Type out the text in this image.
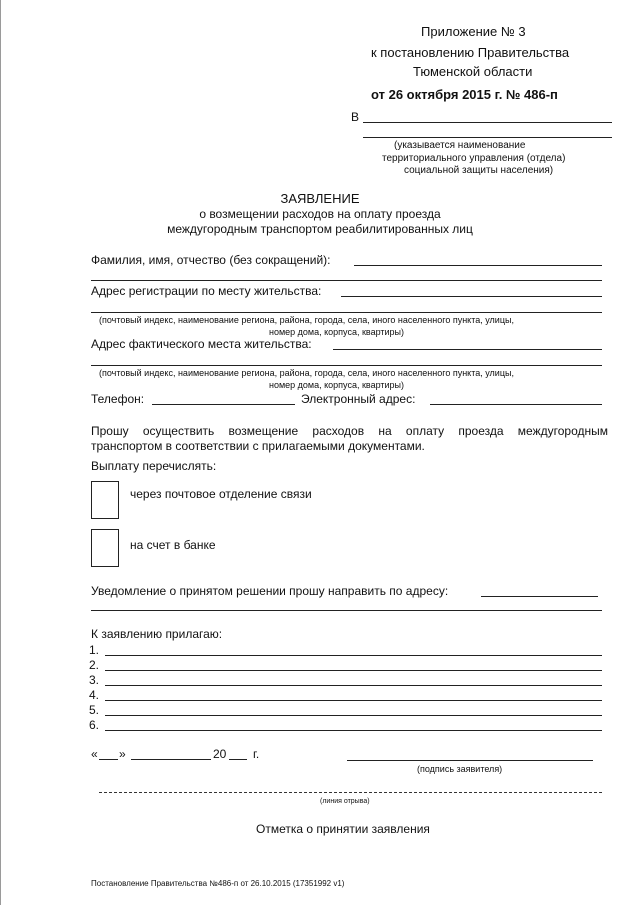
Приложение № 3
к постановлению Правительства
Тюменской области
от 26 октября 2015 г. № 486-п
В
(указывается наименование
территориального управления (отдела)
социальной защиты населения)
ЗАЯВЛЕНИЕ
о возмещении расходов на оплату проезда
междугородным транспортом реабилитированных лиц
Фамилия, имя, отчество (без сокращений):
Адрес регистрации по месту жительства:
(почтовый индекс, наименование региона, района, города, села, иного населенного пункта, улицы,
номер дома, корпуса, квартиры)
Адрес фактического места жительства:
(почтовый индекс, наименование региона, района, города, села, иного населенного пункта, улицы,
номер дома, корпуса, квартиры)
Телефон:	Электронный адрес:
Прошу осуществить возмещение расходов на оплату проезда междугородным
транспортом в соответствии с прилагаемыми документами.
Выплату перечислять:
через почтовое отделение связи
на счет в банке
Уведомление о принятом решении прошу направить по адресу:
К заявлению прилагаю:
1.
2.
3.
4.
5.
6.
« »	20 г.
(подпись заявителя)
(линия отрыва)
Отметка о принятии заявления
Постановление Правительства №486-п от 26.10.2015 (17351992 v1)
